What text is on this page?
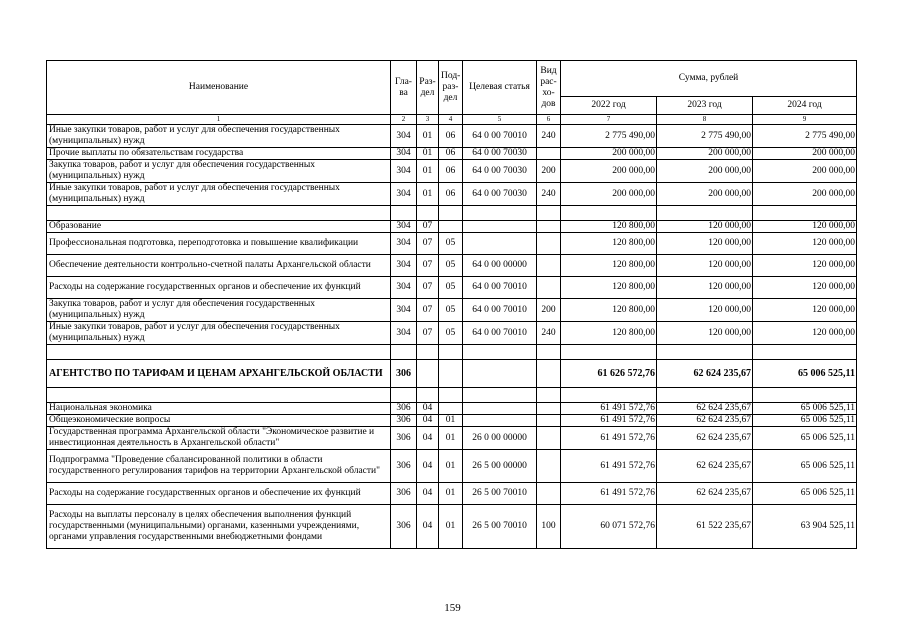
Наименование	Гла-ва	Раз-дел	Под-раз-дел	Целевая статья	Вид рас-хо-дов	Сумма, рублей		
						2022 год	2023 год	2024 год
1	2	3	4	5	6	7	8	9
Иные закупки товаров, работ и услуг для обеспечения государственных (муниципальных) нужд	304	01	06	64 0 00 70010	240	2 775 490,00	2 775 490,00	2 775 490,00
Прочие выплаты по обязательствам государства	304	01	06	64 0 00 70030		200 000,00	200 000,00	200 000,00
Закупка товаров, работ и услуг для обеспечения государственных (муниципальных) нужд	304	01	06	64 0 00 70030	200	200 000,00	200 000,00	200 000,00
Иные закупки товаров, работ и услуг для обеспечения государственных (муниципальных) нужд	304	01	06	64 0 00 70030	240	200 000,00	200 000,00	200 000,00

Образование	304	07				120 800,00	120 000,00	120 000,00
Профессиональная подготовка, переподготовка и повышение квалификации	304	07	05			120 800,00	120 000,00	120 000,00
Обеспечение деятельности контрольно-счетной палаты Архангельской области	304	07	05	64 0 00 00000		120 800,00	120 000,00	120 000,00
Расходы на содержание государственных органов и обеспечение их функций	304	07	05	64 0 00 70010		120 800,00	120 000,00	120 000,00
Закупка товаров, работ и услуг для обеспечения государственных (муниципальных) нужд	304	07	05	64 0 00 70010	200	120 800,00	120 000,00	120 000,00
Иные закупки товаров, работ и услуг для обеспечения государственных (муниципальных) нужд	304	07	05	64 0 00 70010	240	120 800,00	120 000,00	120 000,00

АГЕНТСТВО ПО ТАРИФАМ И ЦЕНАМ АРХАНГЕЛЬСКОЙ ОБЛАСТИ	306					61 626 572,76	62 624 235,67	65 006 525,11

Национальная экономика	306	04				61 491 572,76	62 624 235,67	65 006 525,11
Общеэкономические вопросы	306	04	01			61 491 572,76	62 624 235,67	65 006 525,11
Государственная программа Архангельской области "Экономическое развитие и инвестиционная деятельность в Архангельской области"	306	04	01	26 0 00 00000		61 491 572,76	62 624 235,67	65 006 525,11
Подпрограмма "Проведение сбалансированной политики в области государственного регулирования тарифов на территории Архангельской области"	306	04	01	26 5 00 00000		61 491 572,76	62 624 235,67	65 006 525,11
Расходы на содержание государственных органов и обеспечение их функций	306	04	01	26 5 00 70010		61 491 572,76	62 624 235,67	65 006 525,11
Расходы на выплаты персоналу в целях обеспечения выполнения функций государственными (муниципальными) органами, казенными учреждениями, органами управления государственными внебюджетными фондами	306	04	01	26 5 00 70010	100	60 071 572,76	61 522 235,67	63 904 525,11
159
